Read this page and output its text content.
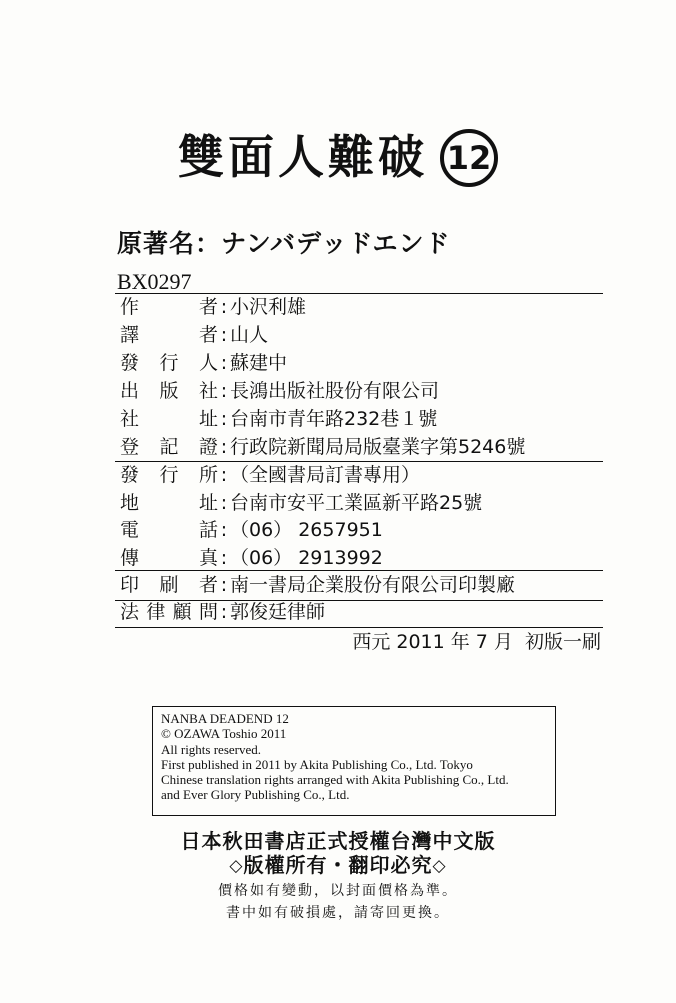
雙面人難破 12
原著名：ナンバデッドエンド
BX0297
作	者 : 小沢利雄
譯	者 : 山人
發 行 人 : 蘇建中
出 版 社 : 長鴻出版社股份有限公司
社	址 : 台南市青年路232巷１號
登 記 證 : 行政院新聞局局版臺業字第5246號
發 行 所 : （全國書局訂書專用）
地	址 : 台南市安平工業區新平路25號
電	話 : （06） 2657951
傳	真 : （06） 2913992
印 刷 者 : 南一書局企業股份有限公司印製廠
法 律 顧 問 : 郭俊廷律師
西元 2011 年 7 月  初版一刷
NANBA DEADEND 12
© OZAWA Toshio 2011
All rights reserved.
First published in 2011 by Akita Publishing Co., Ltd. Tokyo
Chinese translation rights arranged with Akita Publishing Co., Ltd.
and Ever Glory Publishing Co., Ltd.
日本秋田書店正式授權台灣中文版
◇版權所有・翻印必究◇
價格如有變動，以封面價格為準。
書中如有破損處，請寄回更換。
